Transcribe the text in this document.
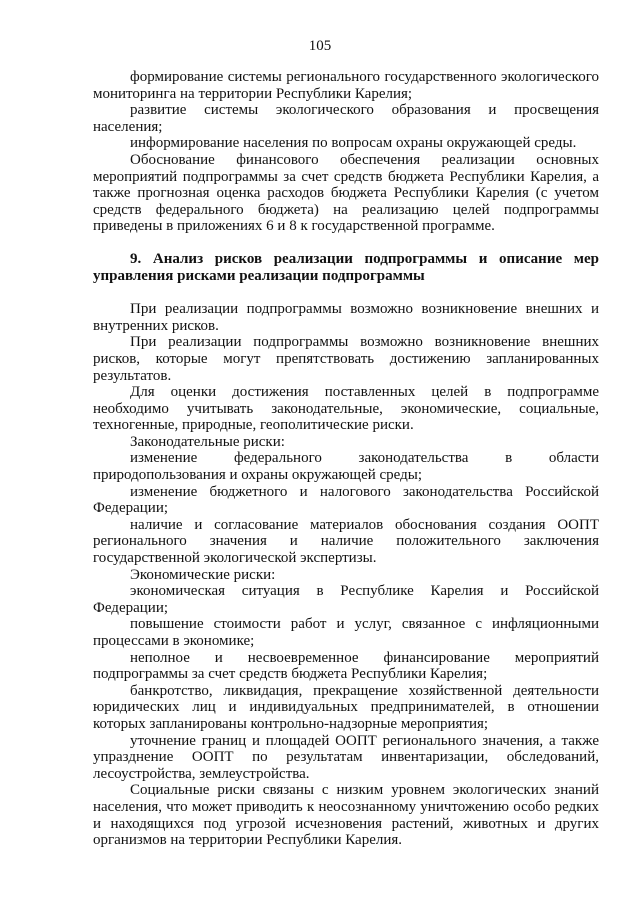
105

формирование системы регионального государственного экологического мониторинга на территории Республики Карелия;

развитие системы экологического образования и просвещения населения;

информирование населения по вопросам охраны окружающей среды.

Обоснование финансового обеспечения реализации основных мероприятий подпрограммы за счет средств бюджета Республики Карелия, а также прогнозная оценка расходов бюджета Республики Карелия (с учетом средств федерального бюджета) на реализацию целей подпрограммы приведены в приложениях 6 и 8 к государственной программе.

9. Анализ рисков реализации подпрограммы и описание мер управления рисками реализации подпрограммы

При реализации подпрограммы возможно возникновение внешних и внутренних рисков.

При реализации подпрограммы возможно возникновение внешних рисков, которые могут препятствовать достижению запланированных результатов.

Для оценки достижения поставленных целей в подпрограмме необходимо учитывать законодательные, экономические, социальные, техногенные, природные, геополитические риски.

Законодательные риски:

изменение федерального законодательства в области природопользования и охраны окружающей среды;

изменение бюджетного и налогового законодательства Российской Федерации;

наличие и согласование материалов обоснования создания ООПТ регионального значения и наличие положительного заключения государственной экологической экспертизы.

Экономические риски:

экономическая ситуация в Республике Карелия и Российской Федерации;

повышение стоимости работ и услуг, связанное с инфляционными процессами в экономике;

неполное и несвоевременное финансирование мероприятий подпрограммы за счет средств бюджета Республики Карелия;

банкротство, ликвидация, прекращение хозяйственной деятельности юридических лиц и индивидуальных предпринимателей, в отношении которых запланированы контрольно-надзорные мероприятия;

уточнение границ и площадей ООПТ регионального значения, а также упразднение ООПТ по результатам инвентаризации, обследований, лесоустройства, землеустройства.

Социальные риски связаны с низким уровнем экологических знаний населения, что может приводить к неосознанному уничтожению особо редких и находящихся под угрозой исчезновения растений, животных и других организмов на территории Республики Карелия.
